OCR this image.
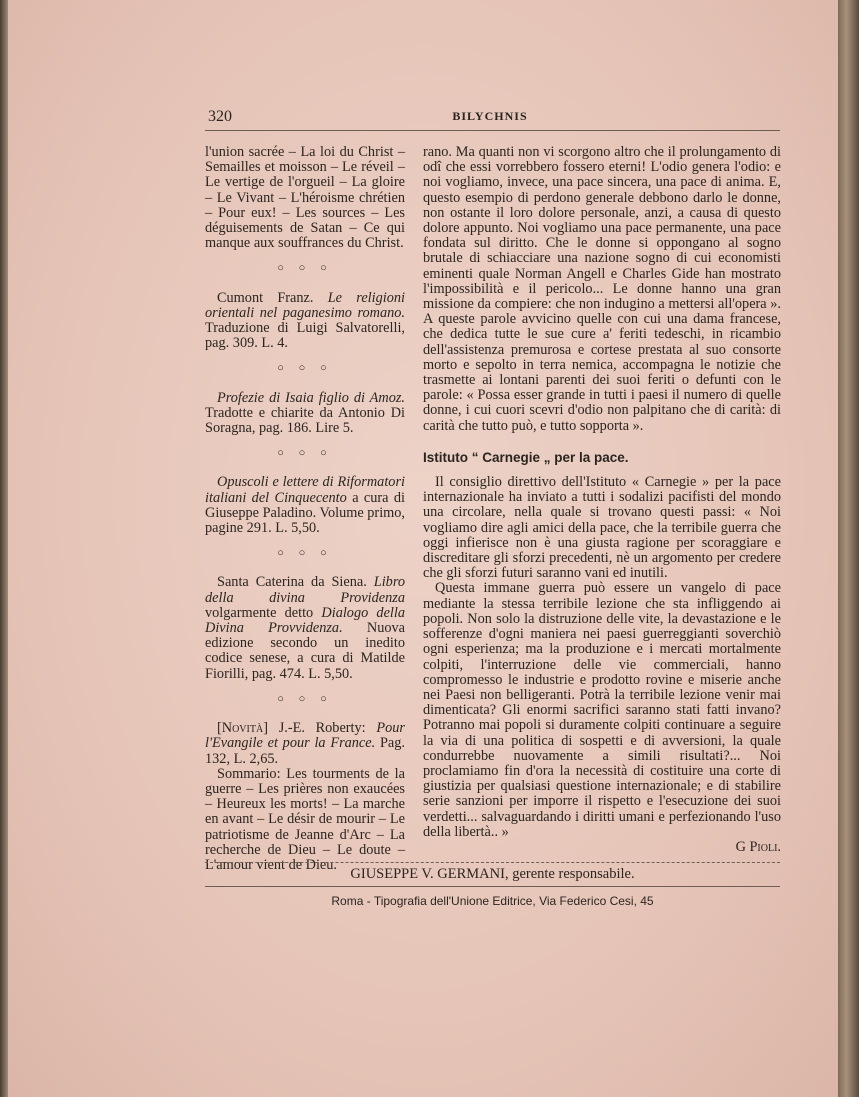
320	BILYCHNIS

l'union sacrée – La loi du Christ – Semailles et moisson – Le réveil – Le vertige de l'orgueil – La gloire – Le Vivant – L'héroisme chrétien – Pour eux! – Les sources – Les déguisements de Satan – Ce qui manque aux souffrances du Christ.

○ ○ ○

Cumont Franz. Le religioni orientali nel paganesimo romano. Traduzione di Luigi Salvatorelli, pag. 309. L. 4.

○ ○ ○

Profezie di Isaia figlio di Amoz. Tradotte e chiarite da Antonio Di Soragna, pag. 186. Lire 5.

○ ○ ○

Opuscoli e lettere di Riformatori italiani del Cinquecento a cura di Giuseppe Paladino. Volume primo, pagine 291. L. 5,50.

○ ○ ○

Santa Caterina da Siena. Libro della divina Providenza volgarmente detto Dialogo della Divina Provvidenza. Nuova edizione secondo un inedito codice senese, a cura di Matilde Fiorilli, pag. 474. L. 5,50.

○ ○ ○

[Novità] J.-E. Roberty: Pour l'Evangile et pour la France. Pag. 132, L. 2,65.

Sommario: Les tourments de la guerre – Les prières non exaucées – Heureux les morts! – La marche en avant – Le désir de mourir – Le patriotisme de Jeanne d'Arc – La recherche de Dieu – Le doute – L'amour vient de Dieu.

rano. Ma quanti non vi scorgono altro che il prolungamento di odî che essi vorrebbero fossero eterni! L'odio genera l'odio: e noi vogliamo, invece, una pace sincera, una pace di anima. E, questo esempio di perdono generale debbono darlo le donne, non ostante il loro dolore personale, anzi, a causa di questo dolore appunto. Noi vogliamo una pace permanente, una pace fondata sul diritto. Che le donne si oppongano al sogno brutale di schiacciare una nazione sogno di cui economisti eminenti quale Norman Angell e Charles Gide han mostrato l'impossibilità e il pericolo... Le donne hanno una gran missione da compiere: che non indugino a mettersi all'opera ». A queste parole avvicino quelle con cui una dama francese, che dedica tutte le sue cure a' feriti tedeschi, in ricambio dell'assistenza premurosa e cortese prestata al suo consorte morto e sepolto in terra nemica, accompagna le notizie che trasmette ai lontani parenti dei suoi feriti o defunti con le parole: « Possa esser grande in tutti i paesi il numero di quelle donne, i cui cuori scevri d'odio non palpitano che di carità: di carità che tutto può, e tutto sopporta ».

Istituto “ Carnegie „ per la pace.

Il consiglio direttivo dell'Istituto « Carnegie » per la pace internazionale ha inviato a tutti i sodalizi pacifisti del mondo una circolare, nella quale si trovano questi passi: « Noi vogliamo dire agli amici della pace, che la terribile guerra che oggi infierisce non è una giusta ragione per scoraggiare e discreditare gli sforzi precedenti, nè un argomento per credere che gli sforzi futuri saranno vani ed inutili.

Questa immane guerra può essere un vangelo di pace mediante la stessa terribile lezione che sta infliggendo ai popoli. Non solo la distruzione delle vite, la devastazione e le sofferenze d'ogni maniera nei paesi guerreggianti soverchiò ogni esperienza; ma la produzione e i mercati mortalmente colpiti, l'interruzione delle vie commerciali, hanno compromesso le industrie e prodotto rovine e miserie anche nei Paesi non belligeranti. Potrà la terribile lezione venir mai dimenticata? Gli enormi sacrifici saranno stati fatti invano? Potranno mai popoli si duramente colpiti continuare a seguire la via di una politica di sospetti e di avversioni, la quale condurrebbe nuovamente a simili risultati?... Noi proclamiamo fin d'ora la necessità di costituire una corte di giustizia per qualsiasi questione internazionale; e di stabilire serie sanzioni per imporre il rispetto e l'esecuzione dei suoi verdetti... salvaguardando i diritti umani e perfezionando l'uso della libertà.. »

G Pioli.

GIUSEPPE V. GERMANI, gerente responsabile.
Roma - Tipografia dell'Unione Editrice, Via Federico Cesi, 45
